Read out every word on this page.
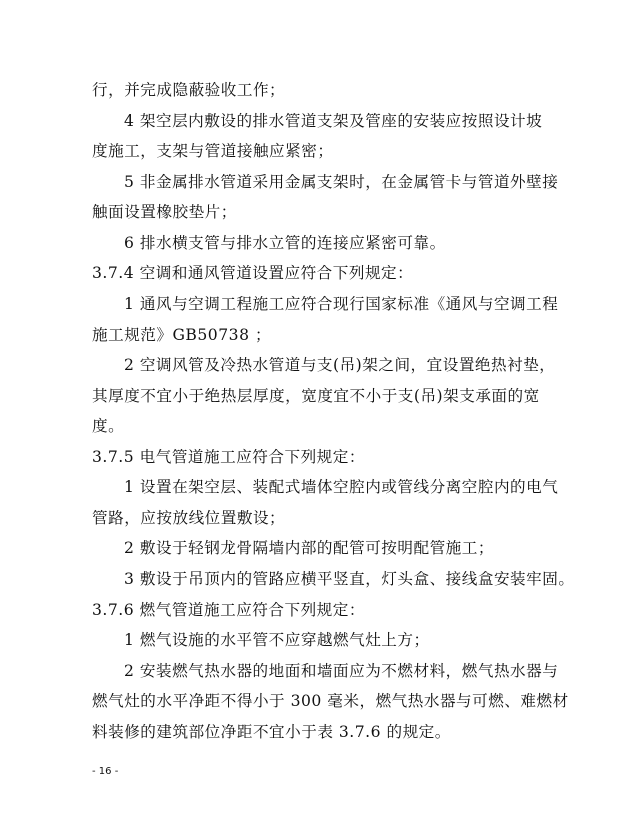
行，并完成隐蔽验收工作；
4 架空层内敷设的排水管道支架及管座的安装应按照设计坡
度施工，支架与管道接触应紧密；
5 非金属排水管道采用金属支架时，在金属管卡与管道外壁接
触面设置橡胶垫片；
6 排水横支管与排水立管的连接应紧密可靠。
3.7.4 空调和通风管道设置应符合下列规定：
1 通风与空调工程施工应符合现行国家标准《通风与空调工程
施工规范》GB50738 ；
2 空调风管及冷热水管道与支(吊)架之间，宜设置绝热衬垫，
其厚度不宜小于绝热层厚度，宽度宜不小于支(吊)架支承面的宽
度。
3.7.5 电气管道施工应符合下列规定：
1 设置在架空层、装配式墙体空腔内或管线分离空腔内的电气
管路，应按放线位置敷设；
2 敷设于轻钢龙骨隔墙内部的配管可按明配管施工；
3 敷设于吊顶内的管路应横平竖直，灯头盒、接线盒安装牢固。
3.7.6 燃气管道施工应符合下列规定：
1 燃气设施的水平管不应穿越燃气灶上方；
2 安装燃气热水器的地面和墙面应为不燃材料，燃气热水器与
燃气灶的水平净距不得小于 300 毫米，燃气热水器与可燃、难燃材
料装修的建筑部位净距不宜小于表 3.7.6 的规定。
- 16 -
